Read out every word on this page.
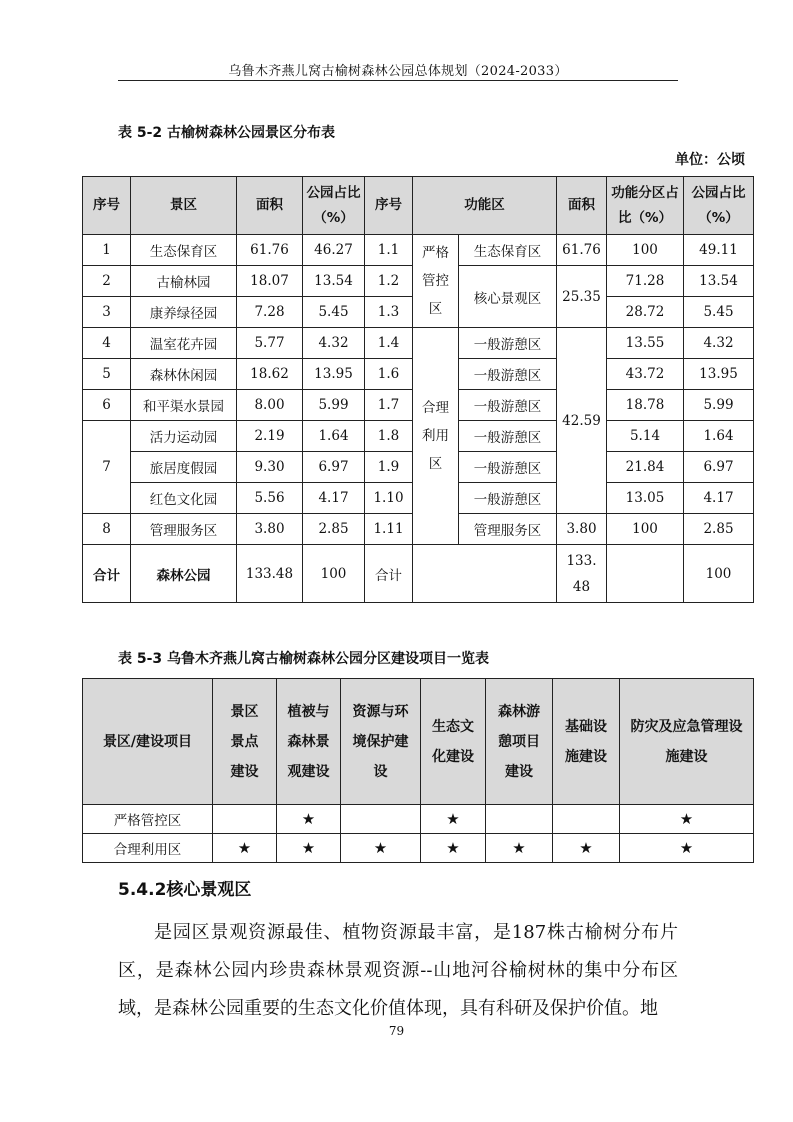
乌鲁木齐燕儿窝古榆树森林公园总体规划（2024-2033）
表 5-2 古榆树森林公园景区分布表
单位：公顷
序号	景区	面积	公园占比（%）	序号	功能区		面积	功能分区占比（%）	公园占比（%）
1	生态保育区	61.76	46.27	1.1	严格管控区	生态保育区	61.76	100	49.11
2	古榆林园	18.07	13.54	1.2		核心景观区	25.35	71.28	13.54
3	康养绿径园	7.28	5.45	1.3				28.72	5.45
4	温室花卉园	5.77	4.32	1.4	合理利用区	一般游憩区	42.59	13.55	4.32
5	森林休闲园	18.62	13.95	1.6		一般游憩区		43.72	13.95
6	和平渠水景园	8.00	5.99	1.7		一般游憩区		18.78	5.99
7	活力运动园	2.19	1.64	1.8		一般游憩区		5.14	1.64
	旅居度假园	9.30	6.97	1.9		一般游憩区		21.84	6.97
	红色文化园	5.56	4.17	1.10		一般游憩区		13.05	4.17
8	管理服务区	3.80	2.85	1.11		管理服务区	3.80	100	2.85
合计	森林公园	133.48	100	合计			133.48		100
表 5-3 乌鲁木齐燕儿窝古榆树森林公园分区建设项目一览表
景区/建设项目	景区景点建设	植被与森林景观建设	资源与环境保护建设	生态文化建设	森林游憩项目建设	基础设施建设	防灾及应急管理设施建设
严格管控区		★		★			★
合理利用区	★	★	★	★	★	★	★
5.4.2核心景观区

是园区景观资源最佳、植物资源最丰富，是187株古榆树分布片区，是森林公园内珍贵森林景观资源--山地河谷榆树林的集中分布区域，是森林公园重要的生态文化价值体现，具有科研及保护价值。地

79
